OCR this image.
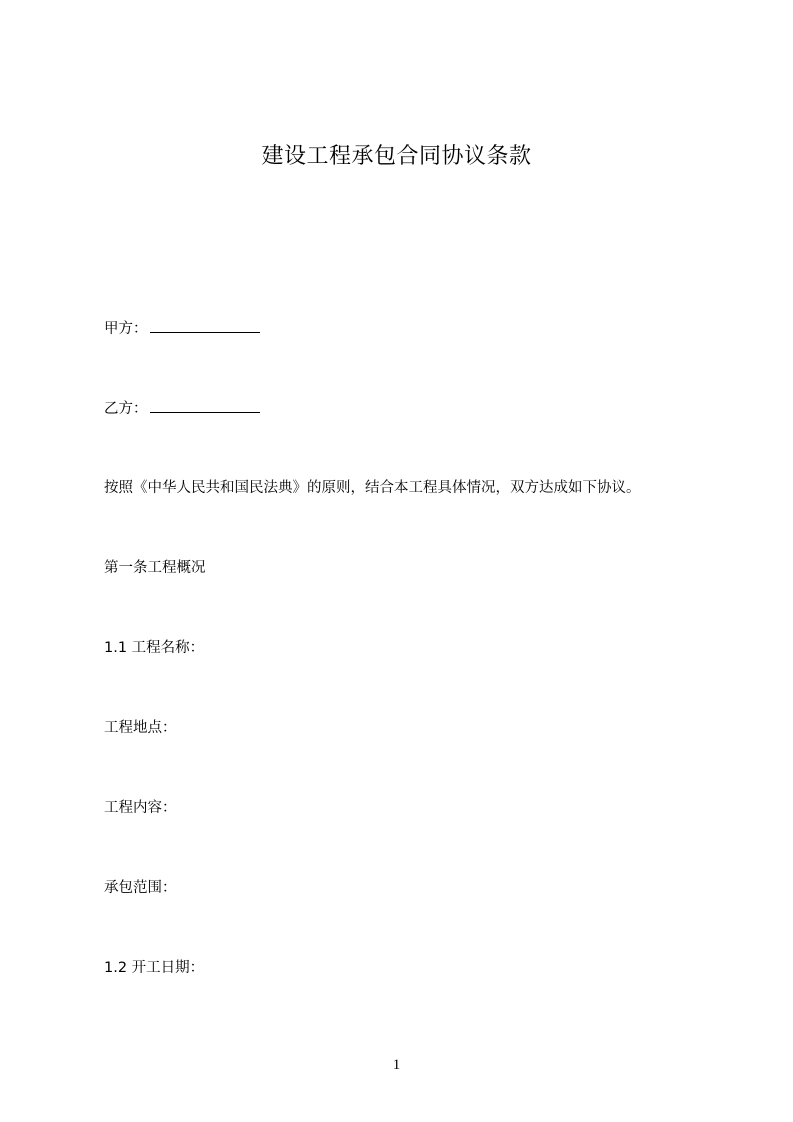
建设工程承包合同协议条款
甲方：
乙方：
按照《中华人民共和国民法典》的原则，结合本工程具体情况，双方达成如下协议。
第一条工程概况
1.1 工程名称：
工程地点：
工程内容：
承包范围：
1.2 开工日期：
1
